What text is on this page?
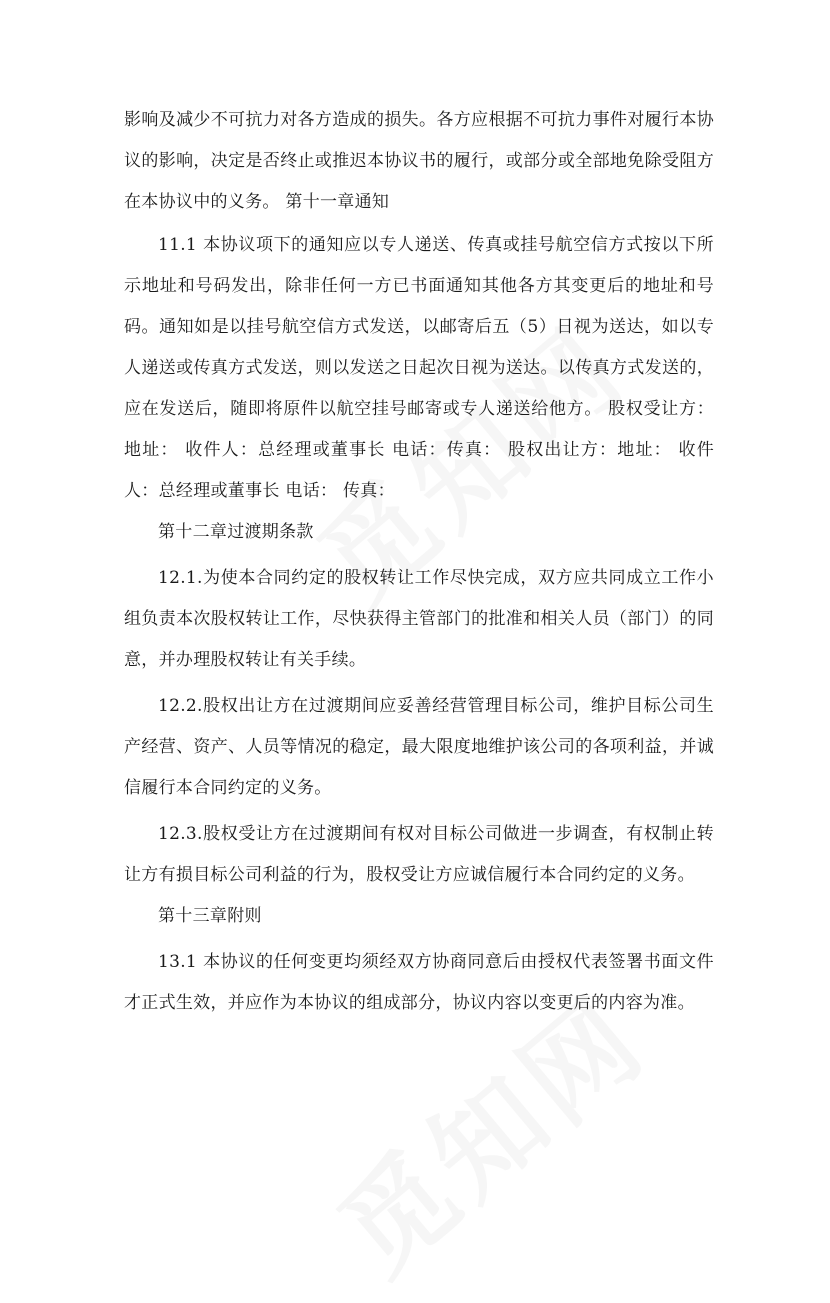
影响及减少不可抗力对各方造成的损失。各方应根据不可抗力事件对履行本协议的影响，决定是否终止或推迟本协议书的履行，或部分或全部地免除受阻方在本协议中的义务。 第十一章通知

11.1 本协议项下的通知应以专人递送、传真或挂号航空信方式按以下所示地址和号码发出，除非任何一方已书面通知其他各方其变更后的地址和号码。通知如是以挂号航空信方式发送，以邮寄后五（5）日视为送达，如以专人递送或传真方式发送，则以发送之日起次日视为送达。以传真方式发送的，应在发送后，随即将原件以航空挂号邮寄或专人递送给他方。 股权受让方：地址： 收件人：总经理或董事长 电话：传真： 股权出让方：地址： 收件人：总经理或董事长 电话： 传真：

第十二章过渡期条款

12.1.为使本合同约定的股权转让工作尽快完成，双方应共同成立工作小组负责本次股权转让工作，尽快获得主管部门的批准和相关人员（部门）的同意，并办理股权转让有关手续。

12.2.股权出让方在过渡期间应妥善经营管理目标公司，维护目标公司生产经营、资产、人员等情况的稳定，最大限度地维护该公司的各项利益，并诚信履行本合同约定的义务。

12.3.股权受让方在过渡期间有权对目标公司做进一步调查，有权制止转让方有损目标公司利益的行为，股权受让方应诚信履行本合同约定的义务。

第十三章附则

13.1 本协议的任何变更均须经双方协商同意后由授权代表签署书面文件才正式生效，并应作为本协议的组成部分，协议内容以变更后的内容为准。
